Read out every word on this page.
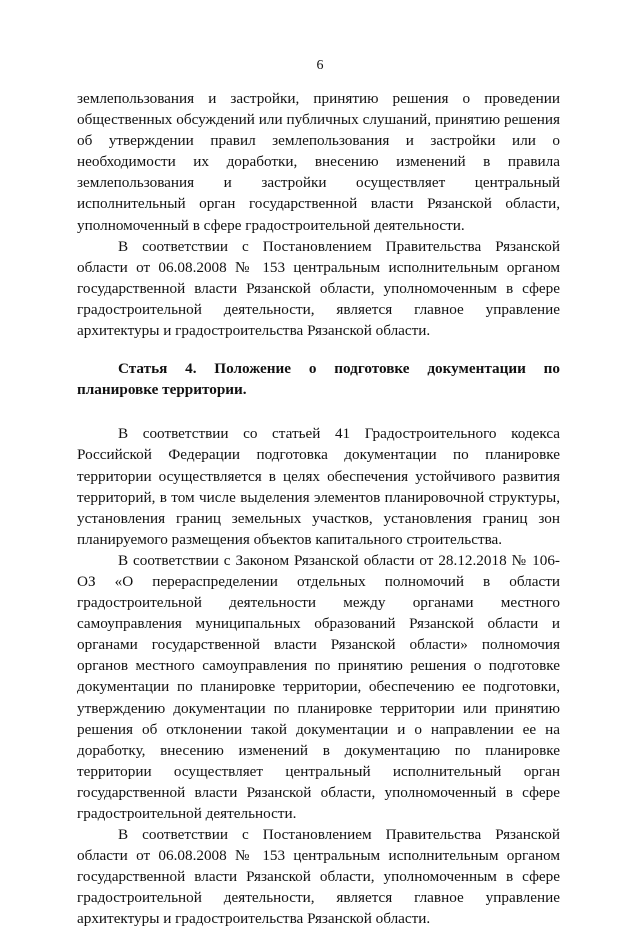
6

землепользования и застройки, принятию решения о проведении общественных обсуждений или публичных слушаний, принятию решения об утверждении правил землепользования и застройки или о необходимости их доработки, внесению изменений в правила землепользования и застройки осуществляет центральный исполнительный орган государственной власти Рязанской области, уполномоченный в сфере градостроительной деятельности.

В соответствии с Постановлением Правительства Рязанской области от 06.08.2008 № 153 центральным исполнительным органом государственной власти Рязанской области, уполномоченным в сфере градостроительной деятельности, является главное управление архитектуры и градостроительства Рязанской области.

Статья 4. Положение о подготовке документации по планировке территории.

В соответствии со статьей 41 Градостроительного кодекса Российской Федерации подготовка документации по планировке территории осуществляется в целях обеспечения устойчивого развития территорий, в том числе выделения элементов планировочной структуры, установления границ земельных участков, установления границ зон планируемого размещения объектов капитального строительства.

В соответствии с Законом Рязанской области от 28.12.2018 № 106-ОЗ «О перераспределении отдельных полномочий в области градостроительной деятельности между органами местного самоуправления муниципальных образований Рязанской области и органами государственной власти Рязанской области» полномочия органов местного самоуправления по принятию решения о подготовке документации по планировке территории, обеспечению ее подготовки, утверждению документации по планировке территории или принятию решения об отклонении такой документации и о направлении ее на доработку, внесению изменений в документацию по планировке территории осуществляет центральный исполнительный орган государственной власти Рязанской области, уполномоченный в сфере градостроительной деятельности.

В соответствии с Постановлением Правительства Рязанской области от 06.08.2008 № 153 центральным исполнительным органом государственной власти Рязанской области, уполномоченным в сфере градостроительной деятельности, является главное управление архитектуры и градостроительства Рязанской области.
